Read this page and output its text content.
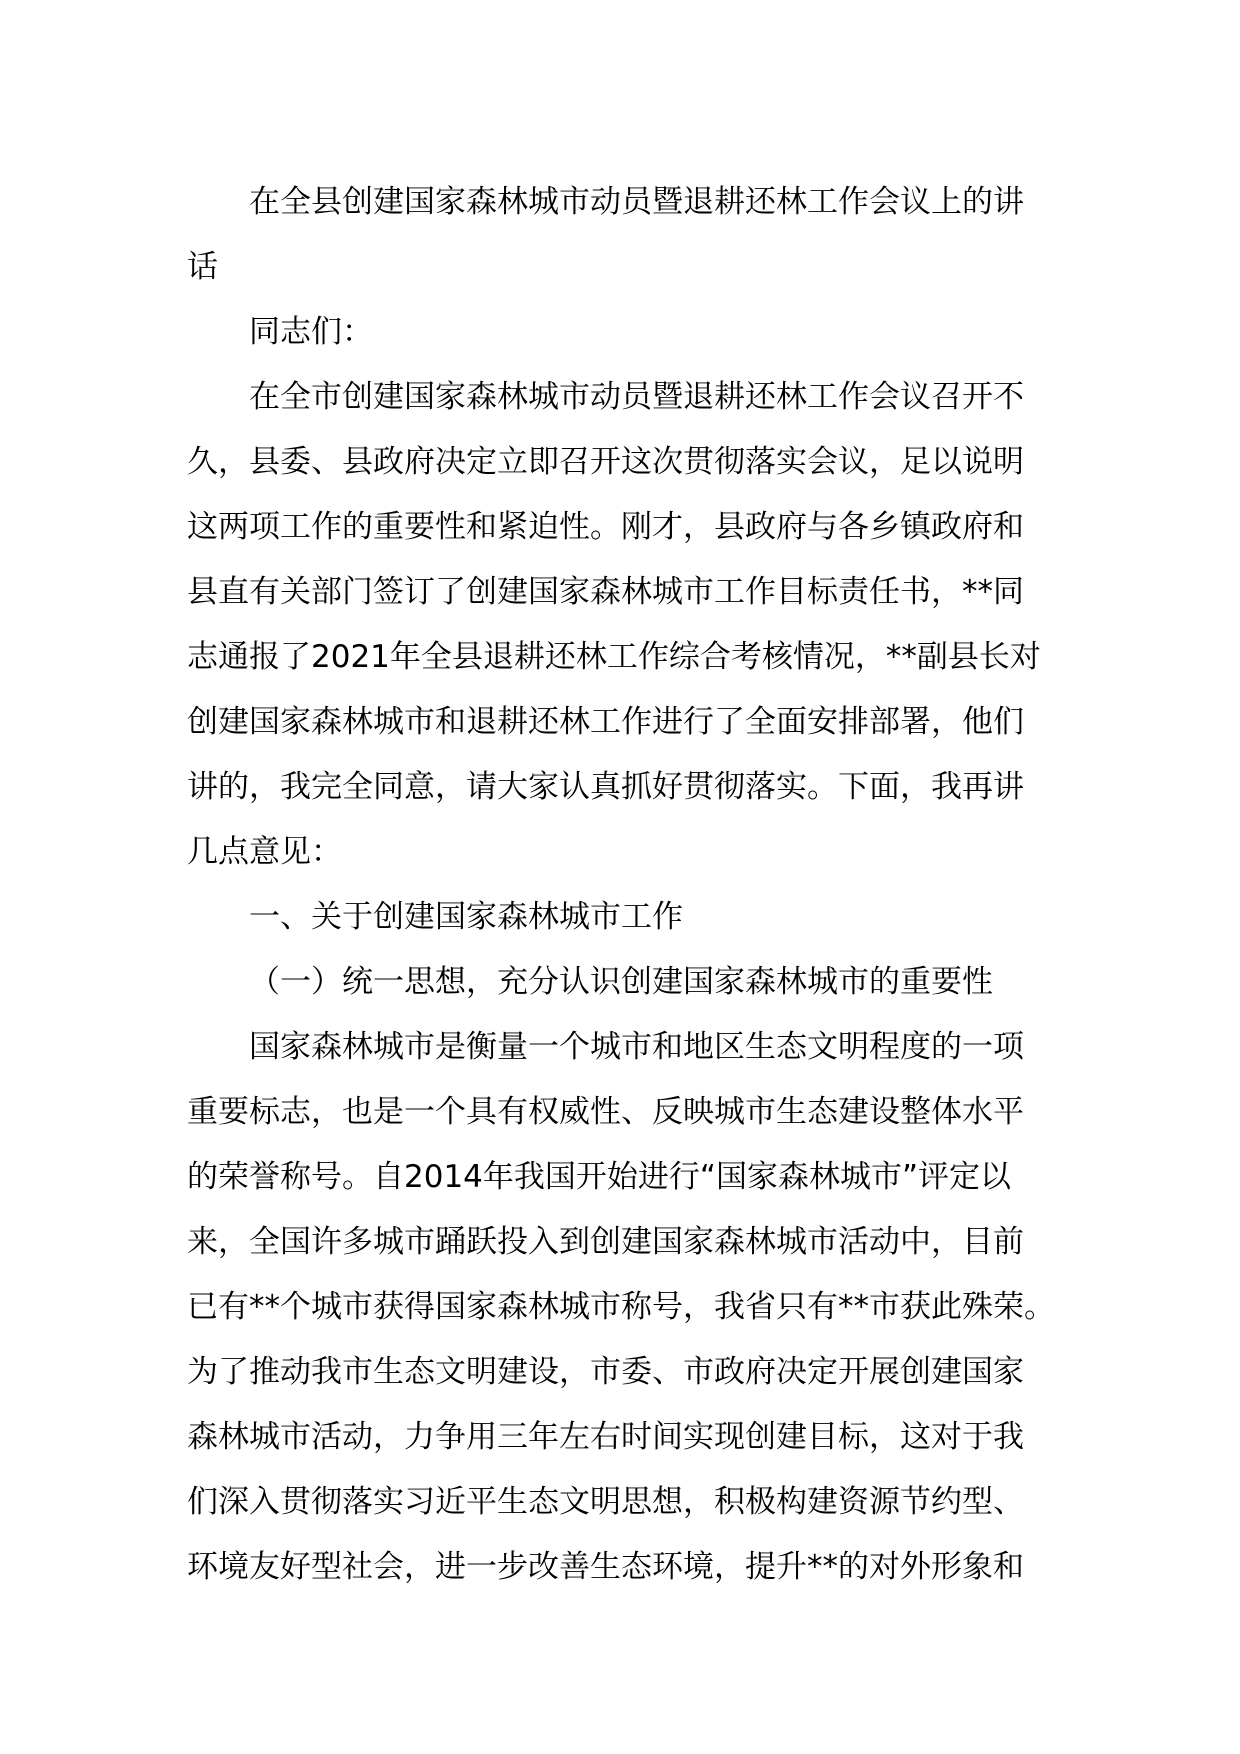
在全县创建国家森林城市动员暨退耕还林工作会议上的讲
话
同志们：
在全市创建国家森林城市动员暨退耕还林工作会议召开不
久，县委、县政府决定立即召开这次贯彻落实会议，足以说明
这两项工作的重要性和紧迫性。刚才，县政府与各乡镇政府和
县直有关部门签订了创建国家森林城市工作目标责任书，**同
志通报了2021年全县退耕还林工作综合考核情况，**副县长对
创建国家森林城市和退耕还林工作进行了全面安排部署，他们
讲的，我完全同意，请大家认真抓好贯彻落实。下面，我再讲
几点意见：
一、关于创建国家森林城市工作
（一）统一思想，充分认识创建国家森林城市的重要性
国家森林城市是衡量一个城市和地区生态文明程度的一项
重要标志，也是一个具有权威性、反映城市生态建设整体水平
的荣誉称号。自2014年我国开始进行“国家森林城市”评定以
来，全国许多城市踊跃投入到创建国家森林城市活动中，目前
已有**个城市获得国家森林城市称号，我省只有**市获此殊荣。
为了推动我市生态文明建设，市委、市政府决定开展创建国家
森林城市活动，力争用三年左右时间实现创建目标，这对于我
们深入贯彻落实习近平生态文明思想，积极构建资源节约型、
环境友好型社会，进一步改善生态环境，提升**的对外形象和
